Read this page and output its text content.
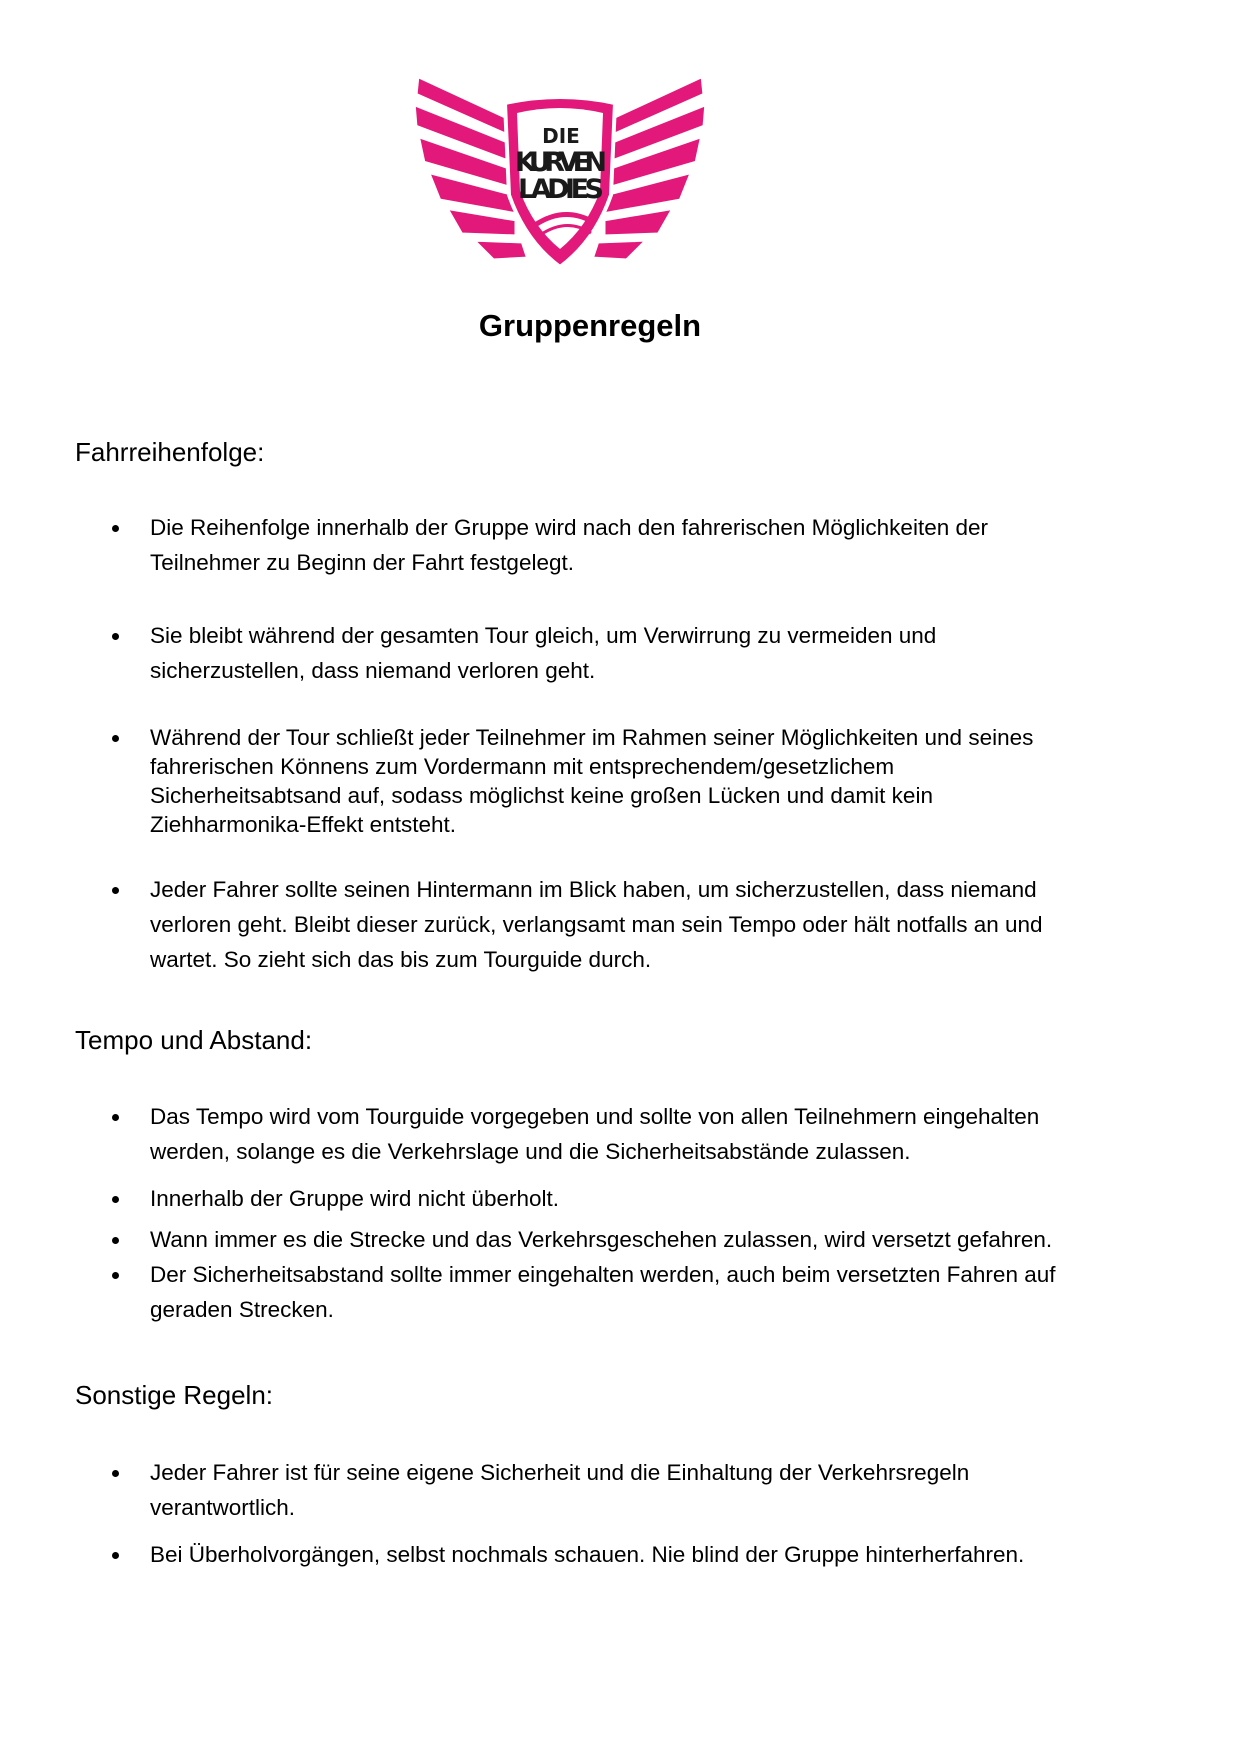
DIE
KURVEN
LADIES
Gruppenregeln
Fahrreihenfolge:
Die Reihenfolge innerhalb der Gruppe wird nach den fahrerischen Möglichkeiten der
Teilnehmer zu Beginn der Fahrt festgelegt.
Sie bleibt während der gesamten Tour gleich, um Verwirrung zu vermeiden und
sicherzustellen, dass niemand verloren geht.
Während der Tour schließt jeder Teilnehmer im Rahmen seiner Möglichkeiten und seines
fahrerischen Könnens zum Vordermann mit entsprechendem/gesetzlichem
Sicherheitsabtsand auf, sodass möglichst keine großen Lücken und damit kein
Ziehharmonika-Effekt entsteht.
Jeder Fahrer sollte seinen Hintermann im Blick haben, um sicherzustellen, dass niemand
verloren geht. Bleibt dieser zurück, verlangsamt man sein Tempo oder hält notfalls an und
wartet. So zieht sich das bis zum Tourguide durch.
Tempo und Abstand:
Das Tempo wird vom Tourguide vorgegeben und sollte von allen Teilnehmern eingehalten
werden, solange es die Verkehrslage und die Sicherheitsabstände zulassen.
Innerhalb der Gruppe wird nicht überholt.
Wann immer es die Strecke und das Verkehrsgeschehen zulassen, wird versetzt gefahren.
Der Sicherheitsabstand sollte immer eingehalten werden, auch beim versetzten Fahren auf
geraden Strecken.
Sonstige Regeln:
Jeder Fahrer ist für seine eigene Sicherheit und die Einhaltung der Verkehrsregeln
verantwortlich.
Bei Überholvorgängen, selbst nochmals schauen. Nie blind der Gruppe hinterherfahren.
